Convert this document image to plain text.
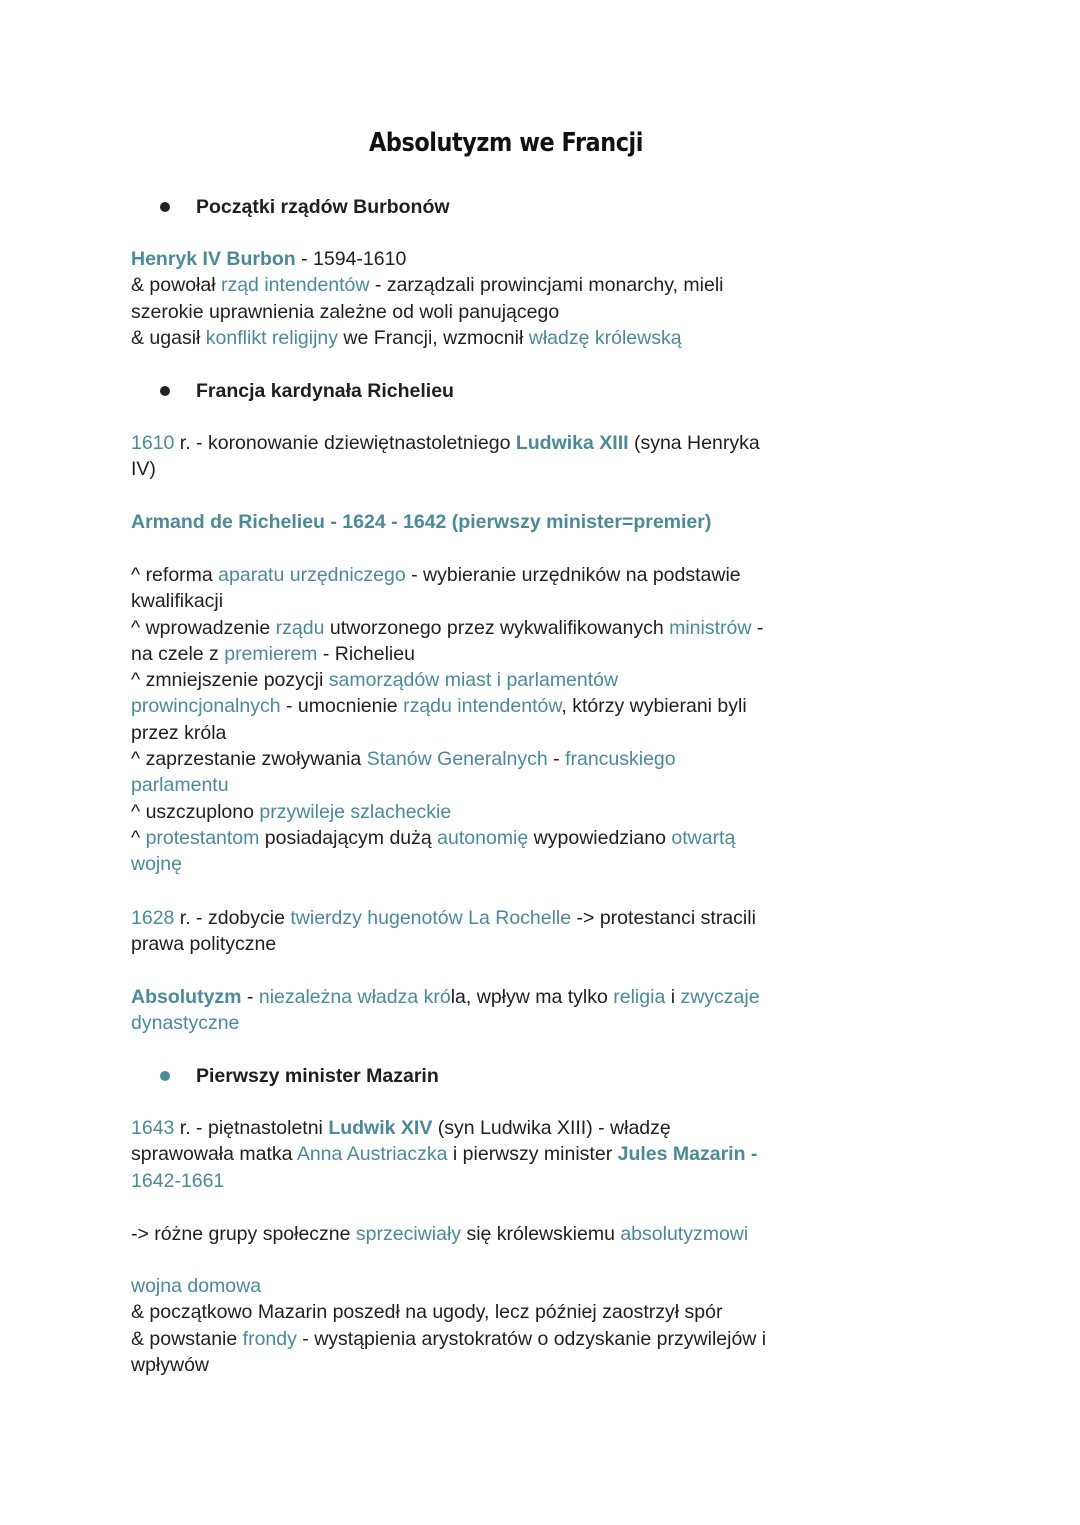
Absolutyzm we Francji
Początki rządów Burbonów
Henryk IV Burbon - 1594-1610
& powołał rząd intendentów - zarządzali prowincjami monarchy, mieli
szerokie uprawnienia zależne od woli panującego
& ugasił konflikt religijny we Francji, wzmocnił władzę królewską
Francja kardynała Richelieu
1610 r. - koronowanie dziewiętnastoletniego Ludwika XIII (syna Henryka
IV)
Armand de Richelieu - 1624 - 1642 (pierwszy minister=premier)
^ reforma aparatu urzędniczego - wybieranie urzędników na podstawie
kwalifikacji
^ wprowadzenie rządu utworzonego przez wykwalifikowanych ministrów -
na czele z premierem - Richelieu
^ zmniejszenie pozycji samorządów miast i parlamentów
prowincjonalnych - umocnienie rządu intendentów, którzy wybierani byli
przez króla
^ zaprzestanie zwoływania Stanów Generalnych - francuskiego
parlamentu
^ uszczuplono przywileje szlacheckie
^ protestantom posiadającym dużą autonomię wypowiedziano otwartą
wojnę
1628 r. - zdobycie twierdzy hugenotów La Rochelle -> protestanci stracili
prawa polityczne
Absolutyzm - niezależna władza króla, wpływ ma tylko religia i zwyczaje
dynastyczne
Pierwszy minister Mazarin
1643 r. - piętnastoletni Ludwik XIV (syn Ludwika XIII) - władzę
sprawowała matka Anna Austriaczka i pierwszy minister Jules Mazarin -
1642-1661
-> różne grupy społeczne sprzeciwiały się królewskiemu absolutyzmowi
wojna domowa
& początkowo Mazarin poszedł na ugody, lecz później zaostrzył spór
& powstanie frondy - wystąpienia arystokratów o odzyskanie przywilejów i
wpływów
